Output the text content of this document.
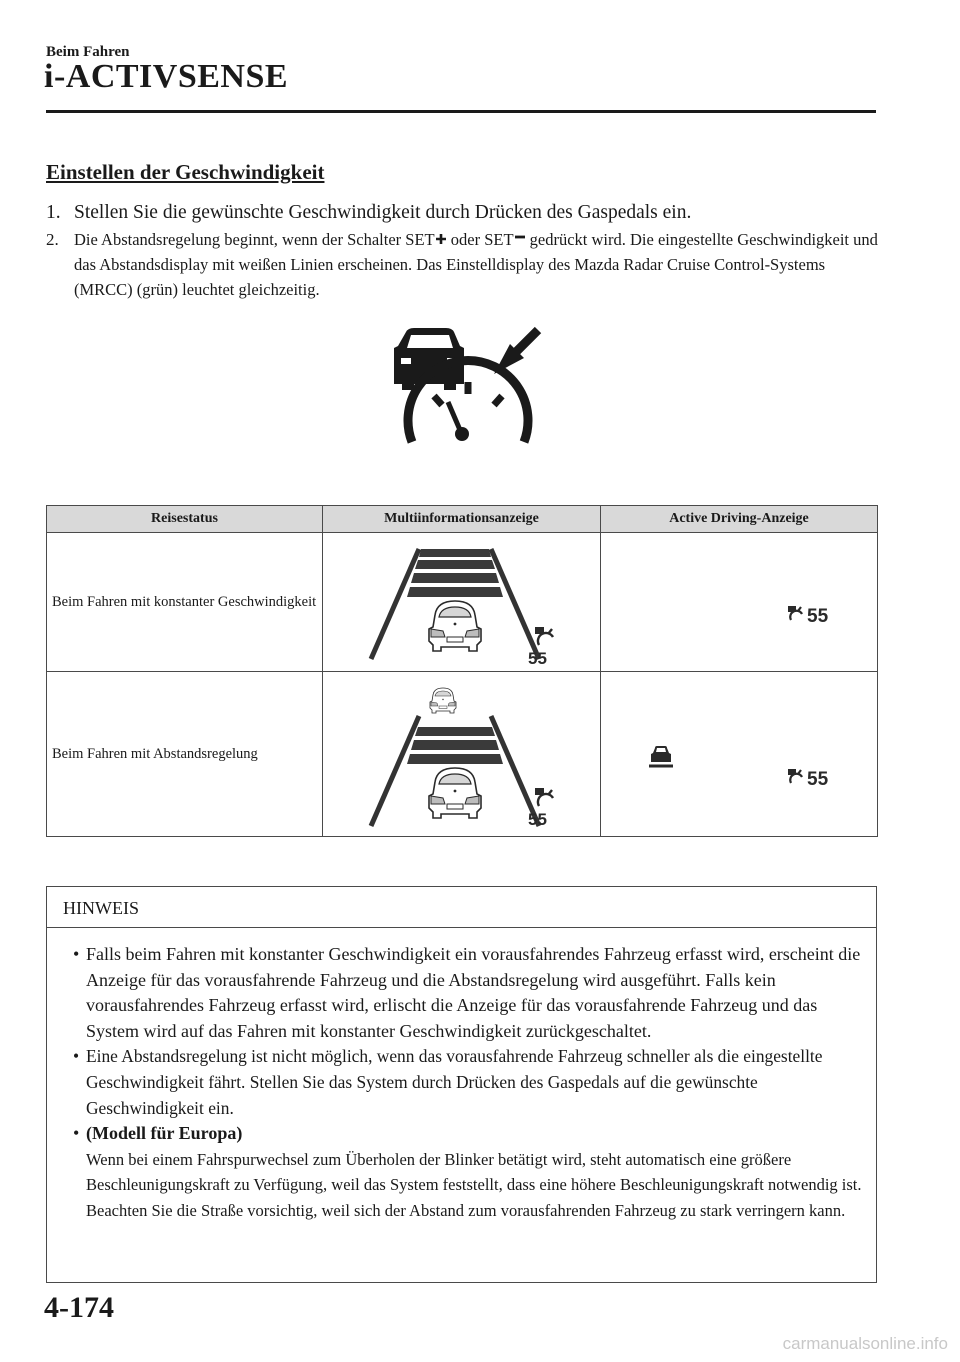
Beim Fahren
i-ACTIVSENSE
Einstellen der Geschwindigkeit
1. Stellen Sie die gewünschte Geschwindigkeit durch Drücken des Gaspedals ein.
2. Die Abstandsregelung beginnt, wenn der Schalter SET oder SET gedrückt wird. Die eingestellte Geschwindigkeit und das Abstandsdisplay mit weißen Linien erscheinen. Das Einstelldisplay des Mazda Radar Cruise Control-Systems (MRCC) (grün) leuchtet gleichzeitig.
Reisestatus	Multiinformationsanzeige	Active Driving-Anzeige
Beim Fahren mit konstanter Geschwindigkeit	55	55

Beim Fahren mit Abstandsregelung	55	55
HINWEIS
• Falls beim Fahren mit konstanter Geschwindigkeit ein vorausfahrendes Fahrzeug erfasst wird, erscheint die Anzeige für das vorausfahrende Fahrzeug und die Abstandsregelung wird ausgeführt. Falls kein vorausfahrendes Fahrzeug erfasst wird, erlischt die Anzeige für das vorausfahrende Fahrzeug und das System wird auf das Fahren mit konstanter Geschwindigkeit zurückgeschaltet.
• Eine Abstandsregelung ist nicht möglich, wenn das vorausfahrende Fahrzeug schneller als die eingestellte Geschwindigkeit fährt. Stellen Sie das System durch Drücken des Gaspedals auf die gewünschte Geschwindigkeit ein.
• (Modell für Europa)
Wenn bei einem Fahrspurwechsel zum Überholen der Blinker betätigt wird, steht automatisch eine größere Beschleunigungskraft zu Verfügung, weil das System feststellt, dass eine höhere Beschleunigungskraft notwendig ist. Beachten Sie die Straße vorsichtig, weil sich der Abstand zum vorausfahrenden Fahrzeug zu stark verringern kann.
4-174
carmanualsonline.info
